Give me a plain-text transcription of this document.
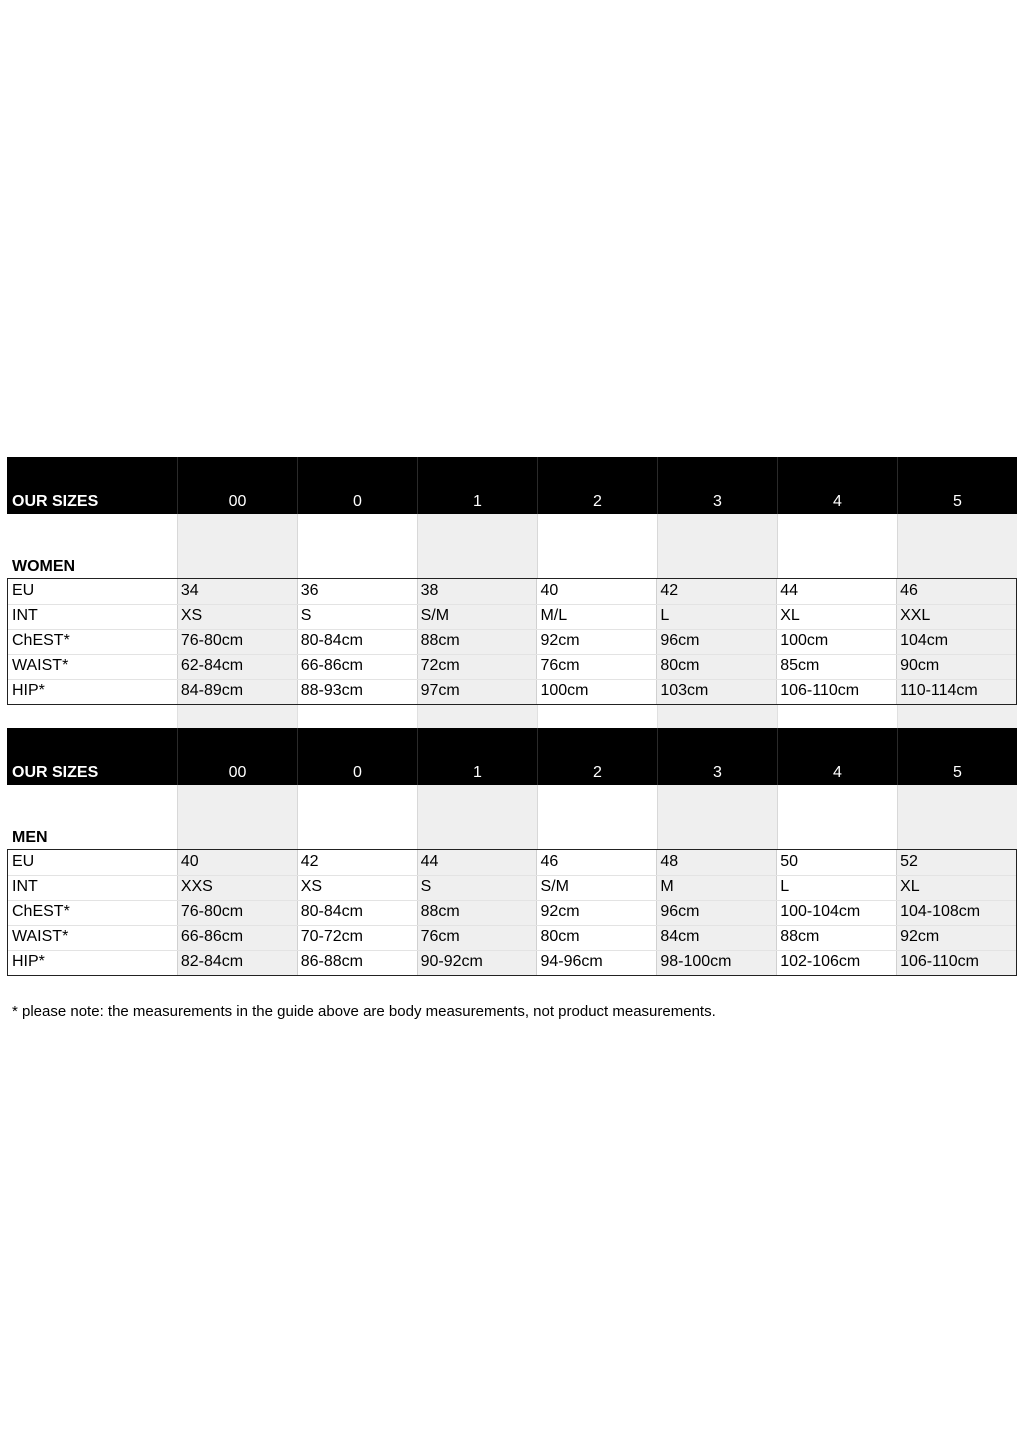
OUR SIZES	00	0	1	2	3	4	5
WOMEN
EU	34	36	38	40	42	44	46
INT	XS	S	S/M	M/L	L	XL	XXL
ChEST*	76-80cm	80-84cm	88cm	92cm	96cm	100cm	104cm
WAIST*	62-84cm	66-86cm	72cm	76cm	80cm	85cm	90cm
HIP*	84-89cm	88-93cm	97cm	100cm	103cm	106-110cm	110-114cm
OUR SIZES	00	0	1	2	3	4	5
MEN
EU	40	42	44	46	48	50	52
INT	XXS	XS	S	S/M	M	L	XL
ChEST*	76-80cm	80-84cm	88cm	92cm	96cm	100-104cm	104-108cm
WAIST*	66-86cm	70-72cm	76cm	80cm	84cm	88cm	92cm
HIP*	82-84cm	86-88cm	90-92cm	94-96cm	98-100cm	102-106cm	106-110cm
* please note: the measurements in the guide above are body measurements, not product measurements.
